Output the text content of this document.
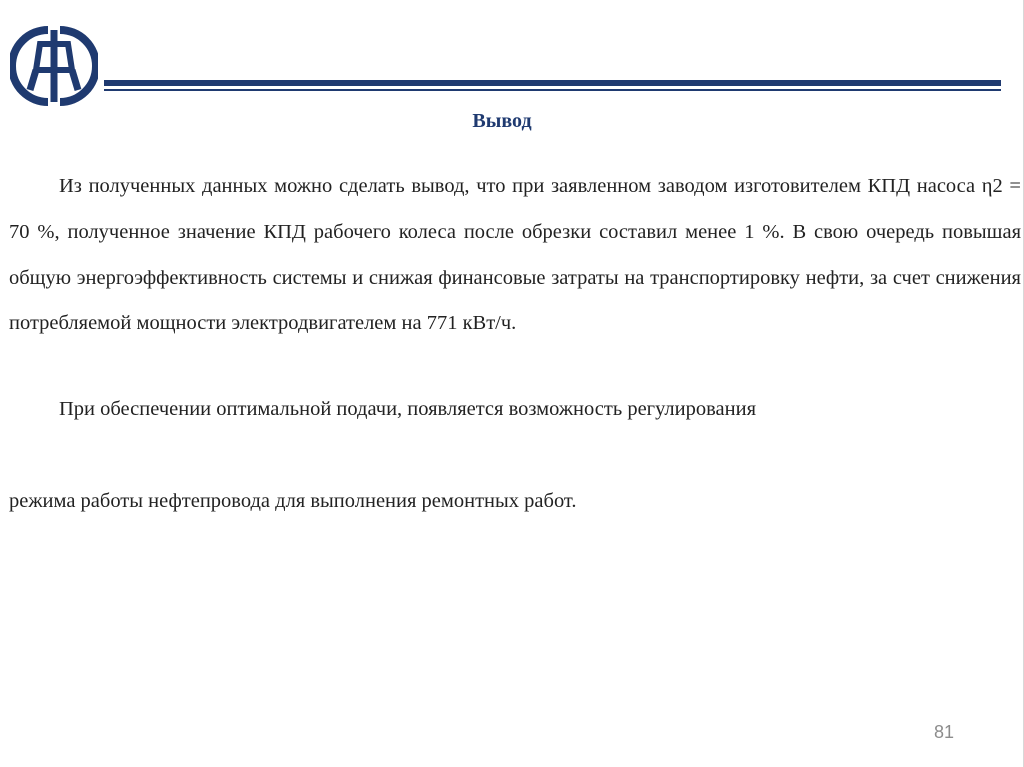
Вывод

Из полученных данных можно сделать вывод, что при заявленном заводом изготовителем КПД насоса η2 = 70 %, полученное значение КПД рабочего колеса после обрезки составил менее 1 %. В свою очередь повышая общую энергоэффективность системы и снижая финансовые затраты на транспортировку нефти, за счет снижения потребляемой мощности электродвигателем на 771 кВт/ч.

При обеспечении оптимальной подачи, появляется возможность регулирования

режима работы нефтепровода для выполнения ремонтных работ.

81
